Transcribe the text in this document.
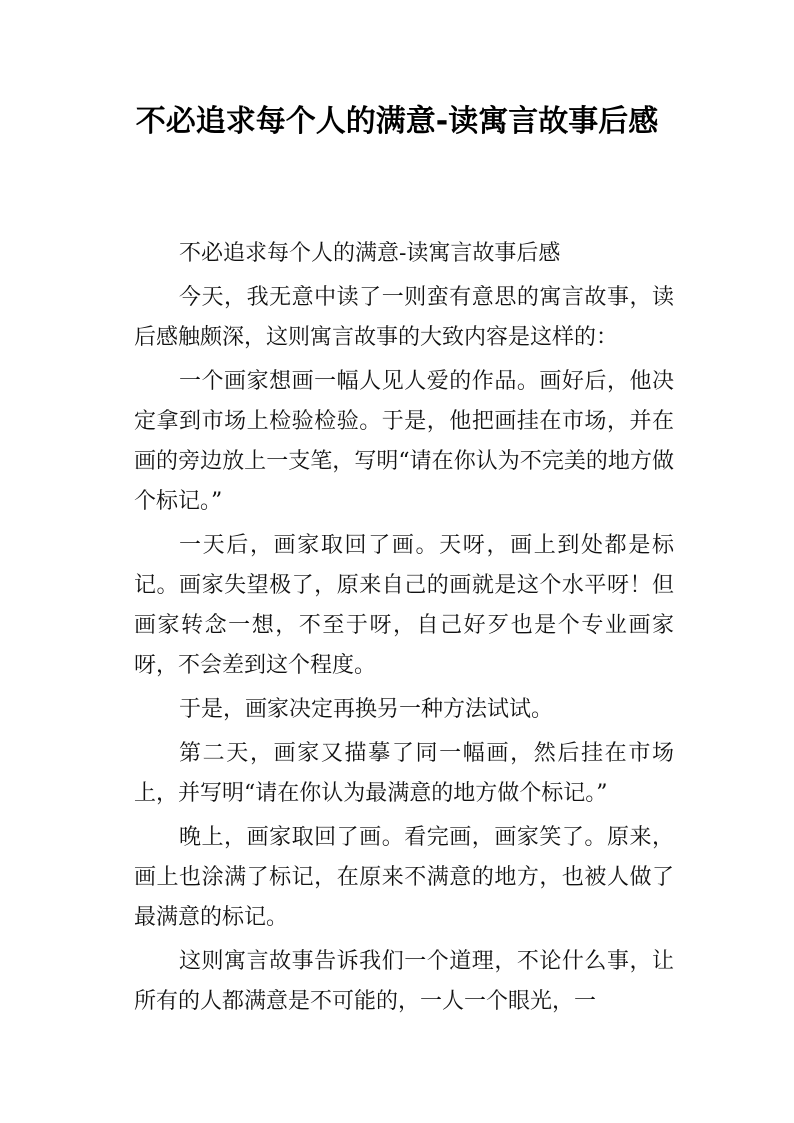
不必追求每个人的满意-读寓言故事后感

不必追求每个人的满意-读寓言故事后感

今天，我无意中读了一则蛮有意思的寓言故事，读后感触颇深，这则寓言故事的大致内容是这样的：

一个画家想画一幅人见人爱的作品。画好后，他决定拿到市场上检验检验。于是，他把画挂在市场，并在画的旁边放上一支笔，写明“请在你认为不完美的地方做个标记。”

一天后，画家取回了画。天呀，画上到处都是标记。画家失望极了，原来自己的画就是这个水平呀！但画家转念一想，不至于呀，自己好歹也是个专业画家呀，不会差到这个程度。

于是，画家决定再换另一种方法试试。

第二天，画家又描摹了同一幅画，然后挂在市场上，并写明“请在你认为最满意的地方做个标记。”

晚上，画家取回了画。看完画，画家笑了。原来，画上也涂满了标记，在原来不满意的地方，也被人做了最满意的标记。

这则寓言故事告诉我们一个道理，不论什么事，让所有的人都满意是不可能的，一人一个眼光，一
